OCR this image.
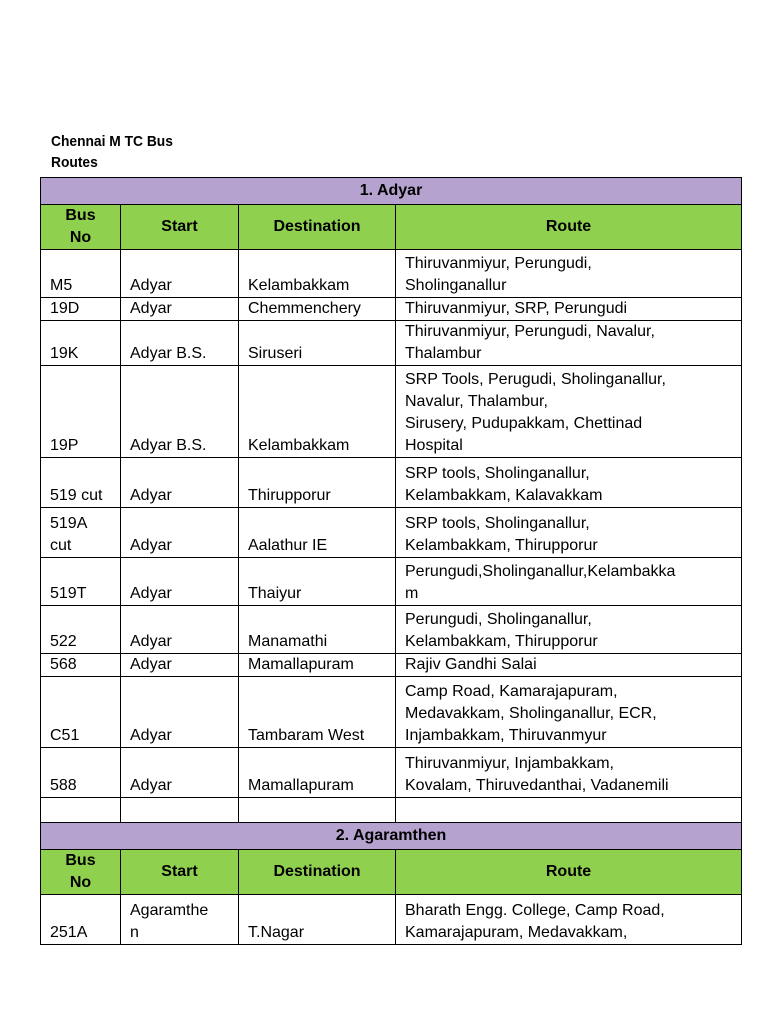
Chennai M TC Bus Routes
1. Adyar			
Bus
No	Start	Destination	Route
M5	Adyar	Kelambakkam	Thiruvanmiyur, Perungudi,
Sholinganallur
19D	Adyar	Chemmenchery	Thiruvanmiyur, SRP, Perungudi
19K	Adyar B.S.	Siruseri	Thiruvanmiyur, Perungudi, Navalur,
Thalambur
19P	Adyar B.S.	Kelambakkam	SRP Tools, Perugudi, Sholinganallur,
Navalur, Thalambur,
Sirusery, Pudupakkam, Chettinad
Hospital
519 cut	Adyar	Thirupporur	SRP tools, Sholinganallur,
Kelambakkam, Kalavakkam
519A
cut	Adyar	Aalathur IE	SRP tools, Sholinganallur,
Kelambakkam, Thirupporur
519T	Adyar	Thaiyur	Perungudi,Sholinganallur,Kelambakka
m
522	Adyar	Manamathi	Perungudi, Sholinganallur,
Kelambakkam, Thirupporur
568	Adyar	Mamallapuram	Rajiv Gandhi Salai
C51	Adyar	Tambaram West	Camp Road, Kamarajapuram,
Medavakkam, Sholinganallur, ECR,
Injambakkam, Thiruvanmyur
588	Adyar	Mamallapuram	Thiruvanmiyur, Injambakkam,
Kovalam, Thiruvedanthai, Vadanemili

2. Agaramthen			
Bus
No	Start	Destination	Route
251A	Agaramthe
n	T.Nagar	Bharath Engg. College, Camp Road,
Kamarajapuram, Medavakkam,
